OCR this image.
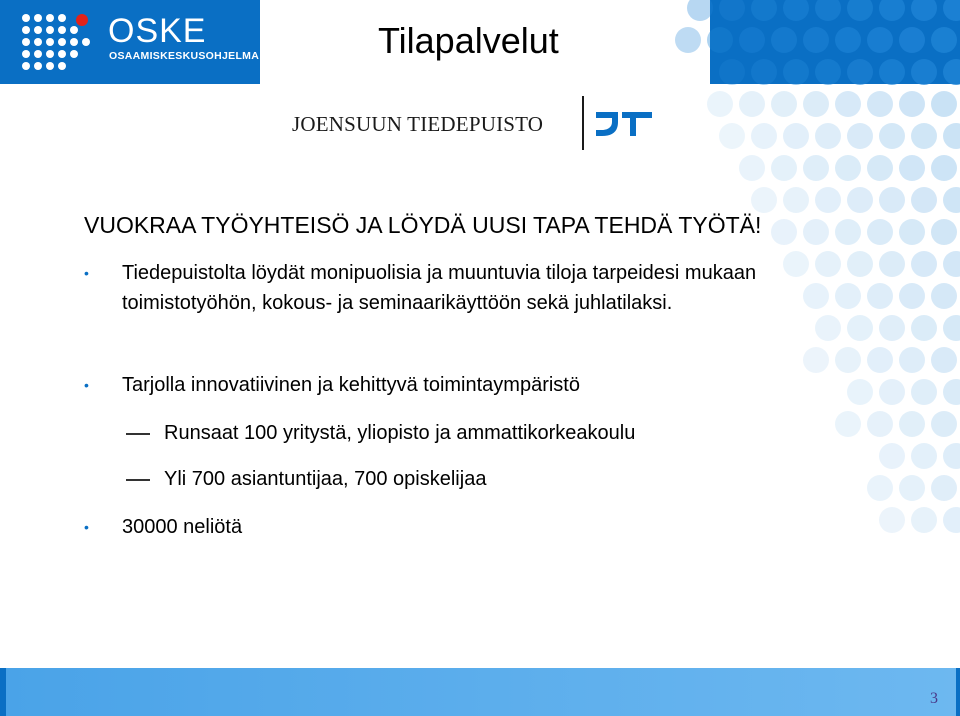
OSKE
OSAAMISKESKUSOHJELMA	Tilapalvelut
JOENSUUN TIEDEPUISTO
VUOKRAA TYÖYHTEISÖ JA LÖYDÄ UUSI TAPA TEHDÄ TYÖTÄ!
• Tiedepuistolta löydät monipuolisia ja muuntuvia tiloja tarpeidesi mukaan toimistotyöhön, kokous- ja seminaarikäyttöön sekä juhlatilaksi.
• Tarjolla innovatiivinen ja kehittyvä toimintaympäristö
Runsaat 100 yritystä, yliopisto ja ammattikorkeakoulu
Yli 700 asiantuntijaa, 700 opiskelijaa
• 30000 neliötä
3
